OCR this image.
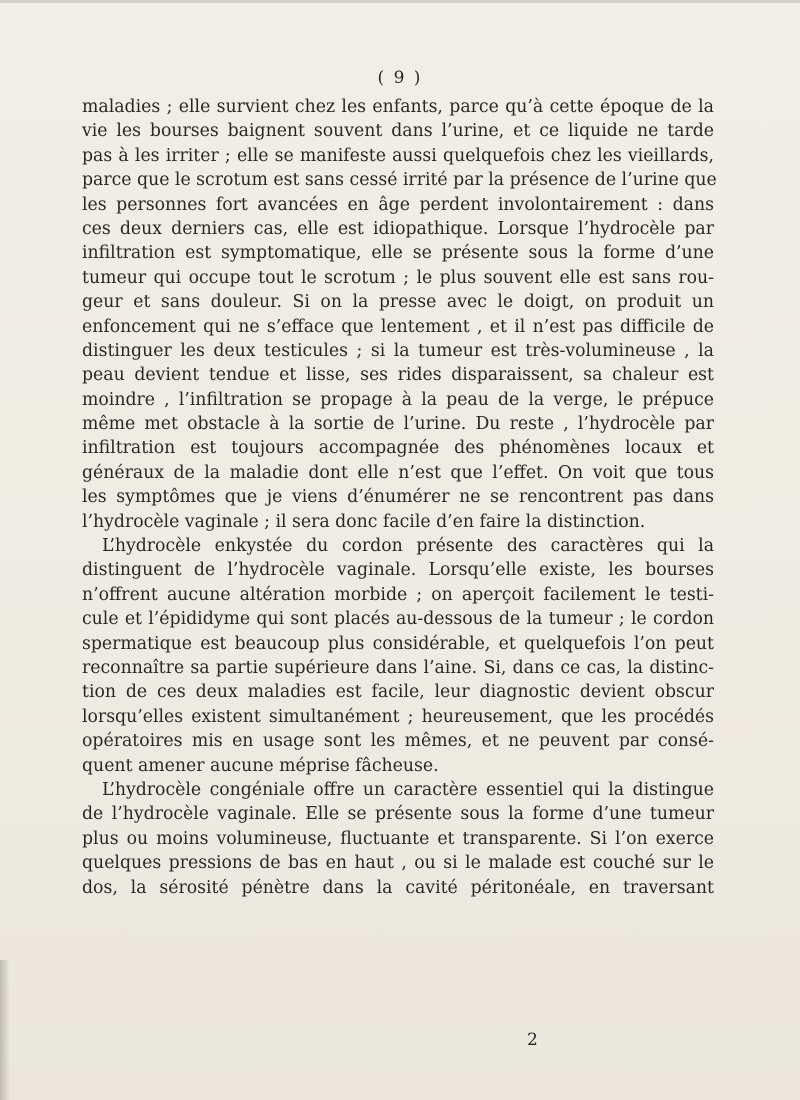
( 9 )
maladies ; elle survient chez les enfants, parce qu’à cette époque de la
vie les bourses baignent souvent dans l’urine, et ce liquide ne tarde
pas à les irriter ; elle se manifeste aussi quelquefois chez les vieillards,
parce que le scrotum est sans cessé irrité par la présence de l’urine que
les personnes fort avancées en âge perdent involontairement : dans
ces deux derniers cas, elle est idiopathique. Lorsque l’hydrocèle par
infiltration est symptomatique, elle se présente sous la forme d’une
tumeur qui occupe tout le scrotum ; le plus souvent elle est sans rou-
geur et sans douleur. Si on la presse avec le doigt, on produit un
enfoncement qui ne s’efface que lentement , et il n’est pas difficile de
distinguer les deux testicules ; si la tumeur est très-volumineuse , la
peau devient tendue et lisse, ses rides disparaissent, sa chaleur est
moindre , l’infiltration se propage à la peau de la verge, le prépuce
même met obstacle à la sortie de l’urine. Du reste , l’hydrocèle par
infiltration est toujours accompagnée des phénomènes locaux et
généraux de la maladie dont elle n’est que l’effet. On voit que tous
les symptômes que je viens d’énumérer ne se rencontrent pas dans
l’hydrocèle vaginale ; il sera donc facile d’en faire la distinction.
L’hydrocèle enkystée du cordon présente des caractères qui la
distinguent de l’hydrocèle vaginale. Lorsqu’elle existe, les bourses
n’offrent aucune altération morbide ; on aperçoit facilement le testi-
cule et l’épididyme qui sont placés au-dessous de la tumeur ; le cordon
spermatique est beaucoup plus considérable, et quelquefois l’on peut
reconnaître sa partie supérieure dans l’aine. Si, dans ce cas, la distinc-
tion de ces deux maladies est facile, leur diagnostic devient obscur
lorsqu’elles existent simultanément ; heureusement, que les procédés
opératoires mis en usage sont les mêmes, et ne peuvent par consé-
quent amener aucune méprise fâcheuse.
L’hydrocèle congéniale offre un caractère essentiel qui la distingue
de l’hydrocèle vaginale. Elle se présente sous la forme d’une tumeur
plus ou moins volumineuse, fluctuante et transparente. Si l’on exerce
quelques pressions de bas en haut , ou si le malade est couché sur le
dos, la sérosité pénètre dans la cavité péritonéale, en traversant
2
